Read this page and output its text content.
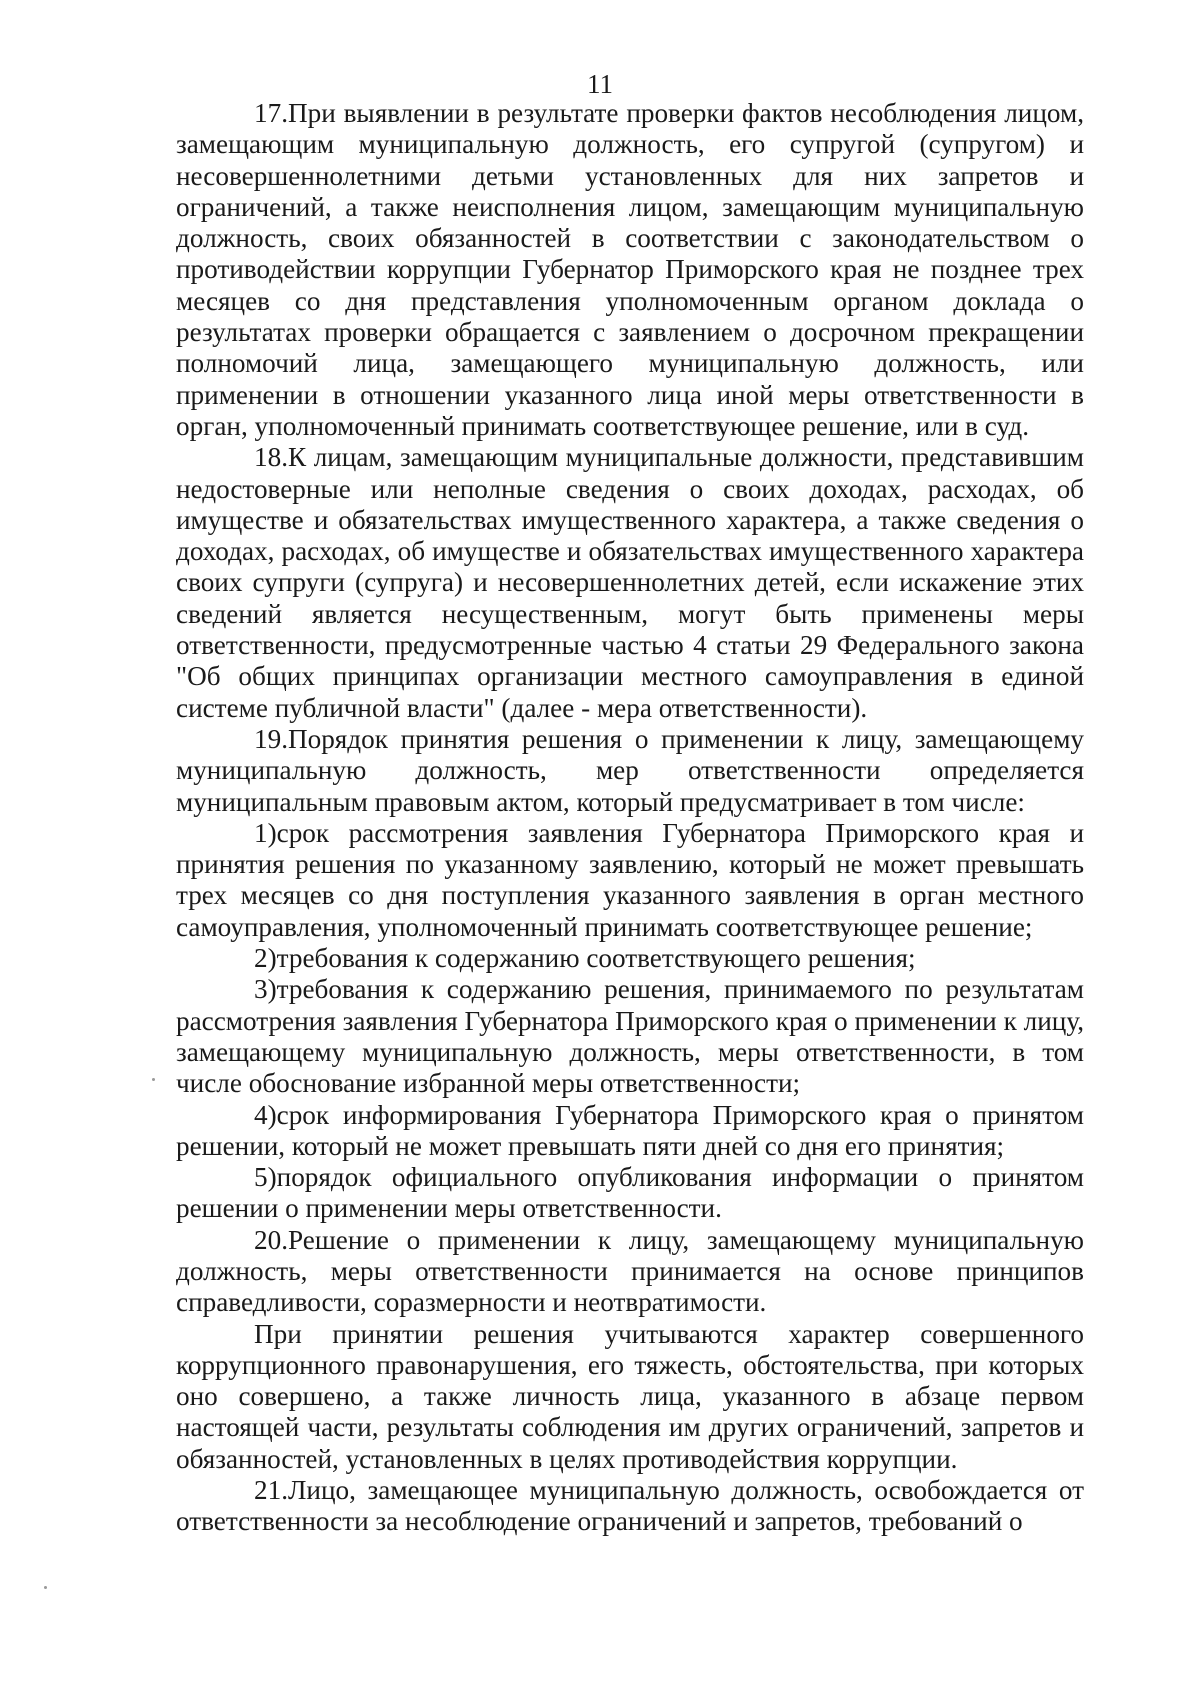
11

17.При выявлении в результате проверки фактов несоблюдения лицом, замещающим муниципальную должность, его супругой (супругом) и несовершеннолетними детьми установленных для них запретов и ограничений, а также неисполнения лицом, замещающим муниципальную должность, своих обязанностей в соответствии с законодательством о противодействии коррупции Губернатор Приморского края не позднее трех месяцев со дня представления уполномоченным органом доклада о результатах проверки обращается с заявлением о досрочном прекращении полномочий лица, замещающего муниципальную должность, или применении в отношении указанного лица иной меры ответственности в орган, уполномоченный принимать соответствующее решение, или в суд.

18.К лицам, замещающим муниципальные должности, представившим недостоверные или неполные сведения о своих доходах, расходах, об имуществе и обязательствах имущественного характера, а также сведения о доходах, расходах, об имуществе и обязательствах имущественного характера своих супруги (супруга) и несовершеннолетних детей, если искажение этих сведений является несущественным, могут быть применены меры ответственности, предусмотренные частью 4 статьи 29 Федерального закона "Об общих принципах организации местного самоуправления в единой системе публичной власти" (далее - мера ответственности).

19.Порядок принятия решения о применении к лицу, замещающему муниципальную должность, мер ответственности определяется муниципальным правовым актом, который предусматривает в том числе:

1)срок рассмотрения заявления Губернатора Приморского края и принятия решения по указанному заявлению, который не может превышать трех месяцев со дня поступления указанного заявления в орган местного самоуправления, уполномоченный принимать соответствующее решение;

2)требования к содержанию соответствующего решения;

3)требования к содержанию решения, принимаемого по результатам рассмотрения заявления Губернатора Приморского края о применении к лицу, замещающему муниципальную должность, меры ответственности, в том числе обоснование избранной меры ответственности;

4)срок информирования Губернатора Приморского края о принятом решении, который не может превышать пяти дней со дня его принятия;

5)порядок официального опубликования информации о принятом решении о применении меры ответственности.

20.Решение о применении к лицу, замещающему муниципальную должность, меры ответственности принимается на основе принципов справедливости, соразмерности и неотвратимости.

При принятии решения учитываются характер совершенного коррупционного правонарушения, его тяжесть, обстоятельства, при которых оно совершено, а также личность лица, указанного в абзаце первом настоящей части, результаты соблюдения им других ограничений, запретов и обязанностей, установленных в целях противодействия коррупции.

21.Лицо, замещающее муниципальную должность, освобождается от ответственности за несоблюдение ограничений и запретов, требований о
